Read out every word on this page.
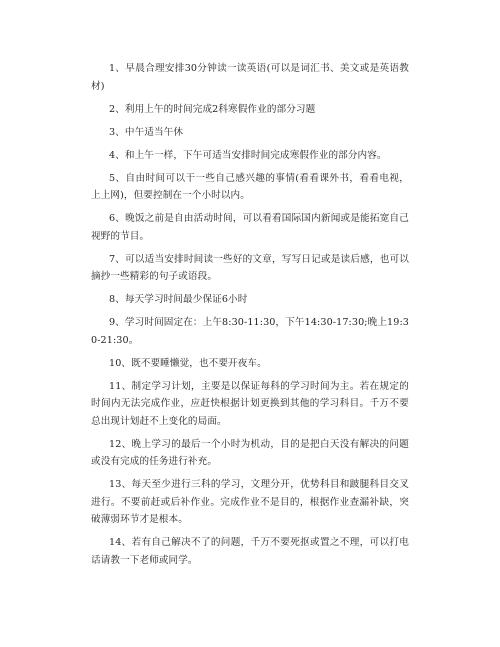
1、早晨合理安排30分钟读一读英语(可以是词汇书、美文或是英语教材)

2、利用上午的时间完成2科寒假作业的部分习题

3、中午适当午休

4、和上午一样，下午可适当安排时间完成寒假作业的部分内容。

5、自由时间可以干一些自己感兴趣的事情(看看课外书，看看电视，上上网)，但要控制在一个小时以内。

6、晚饭之前是自由活动时间，可以看看国际国内新闻或是能拓宽自己视野的节目。

7、可以适当安排时间读一些好的文章，写写日记或是读后感，也可以摘抄一些精彩的句子或语段。

8、每天学习时间最少保证6小时

9、学习时间固定在：上午8:30-11:30，下午14:30-17:30;晚上19:30-21:30。

10、既不要睡懒觉，也不要开夜车。

11、制定学习计划，主要是以保证每科的学习时间为主。若在规定的时间内无法完成作业，应赶快根据计划更换到其他的学习科目。千万不要总出现计划赶不上变化的局面。

12、晚上学习的最后一个小时为机动，目的是把白天没有解决的问题或没有完成的任务进行补充。

13、每天至少进行三科的学习，文理分开，优势科目和跛腿科目交叉进行。不要前赶或后补作业。完成作业不是目的，根据作业查漏补缺，突破薄弱环节才是根本。

14、若有自己解决不了的问题，千万不要死抠或置之不理，可以打电话请教一下老师或同学。
